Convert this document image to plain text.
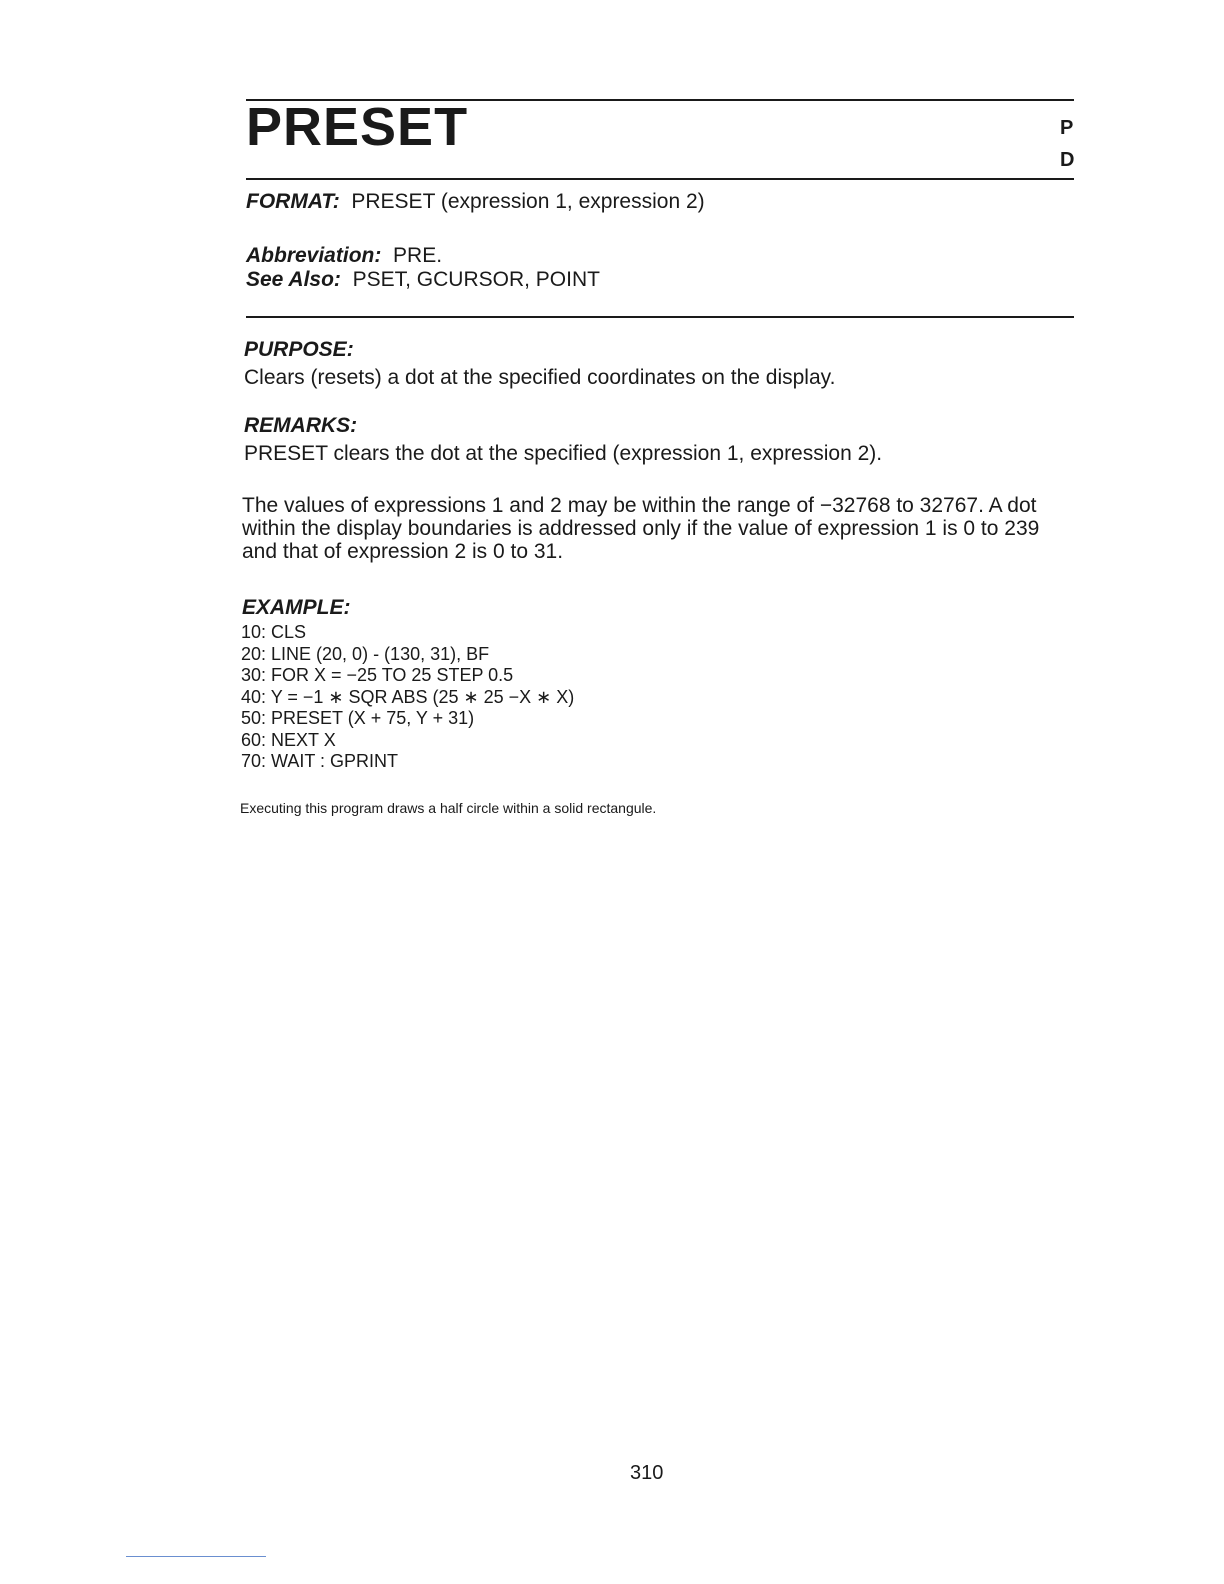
PRESET	P
D
FORMAT: PRESET (expression 1, expression 2)
Abbreviation: PRE.
See Also: PSET, GCURSOR, POINT
PURPOSE:
Clears (resets) a dot at the specified coordinates on the display.
REMARKS:
PRESET clears the dot at the specified (expression 1, expression 2).
The values of expressions 1 and 2 may be within the range of −32768 to 32767. A dot within the display boundaries is addressed only if the value of expression 1 is 0 to 239 and that of expression 2 is 0 to 31.
EXAMPLE:
10: CLS
20: LINE (20, 0) - (130, 31), BF
30: FOR X = −25 TO 25 STEP 0.5
40: Y = −1 ∗ SQR ABS (25 ∗ 25 −X ∗ X)
50: PRESET (X + 75, Y + 31)
60: NEXT X
70: WAIT : GPRINT
Executing this program draws a half circle within a solid rectangule.
310
